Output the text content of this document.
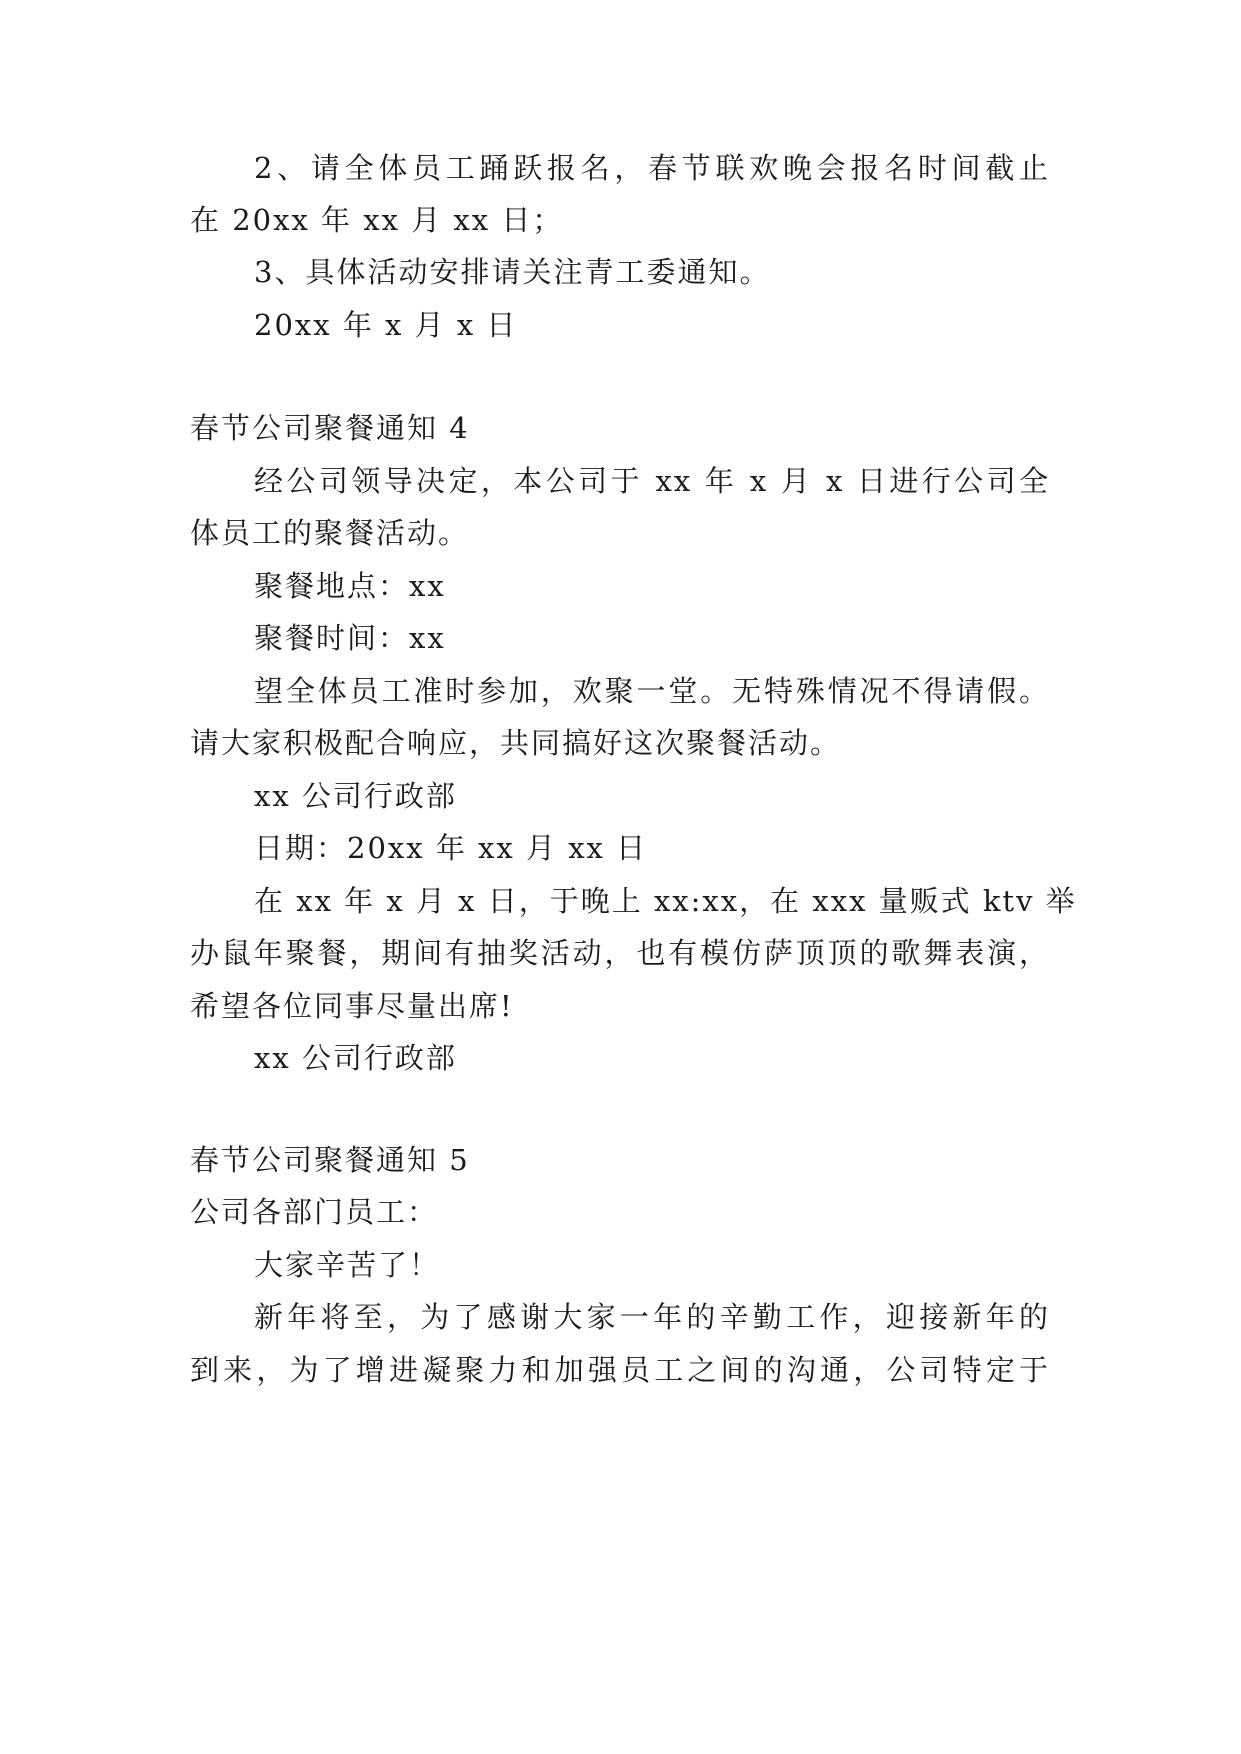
2、请全体员工踊跃报名，春节联欢晚会报名时间截止
在 20xx 年 xx 月 xx 日；
3、具体活动安排请关注青工委通知。
20xx 年 x 月 x 日
春节公司聚餐通知 4
经公司领导决定，本公司于 xx 年 x 月 x 日进行公司全
体员工的聚餐活动。
聚餐地点：xx
聚餐时间：xx
望全体员工准时参加，欢聚一堂。无特殊情况不得请假。
请大家积极配合响应，共同搞好这次聚餐活动。
xx 公司行政部
日期：20xx 年 xx 月 xx 日
在 xx 年 x 月 x 日，于晚上 xx:xx，在 xxx 量贩式 ktv 举
办鼠年聚餐，期间有抽奖活动，也有模仿萨顶顶的歌舞表演，
希望各位同事尽量出席!
xx 公司行政部
春节公司聚餐通知 5
公司各部门员工：
大家辛苦了！
新年将至，为了感谢大家一年的辛勤工作，迎接新年的
到来，为了增进凝聚力和加强员工之间的沟通，公司特定于
